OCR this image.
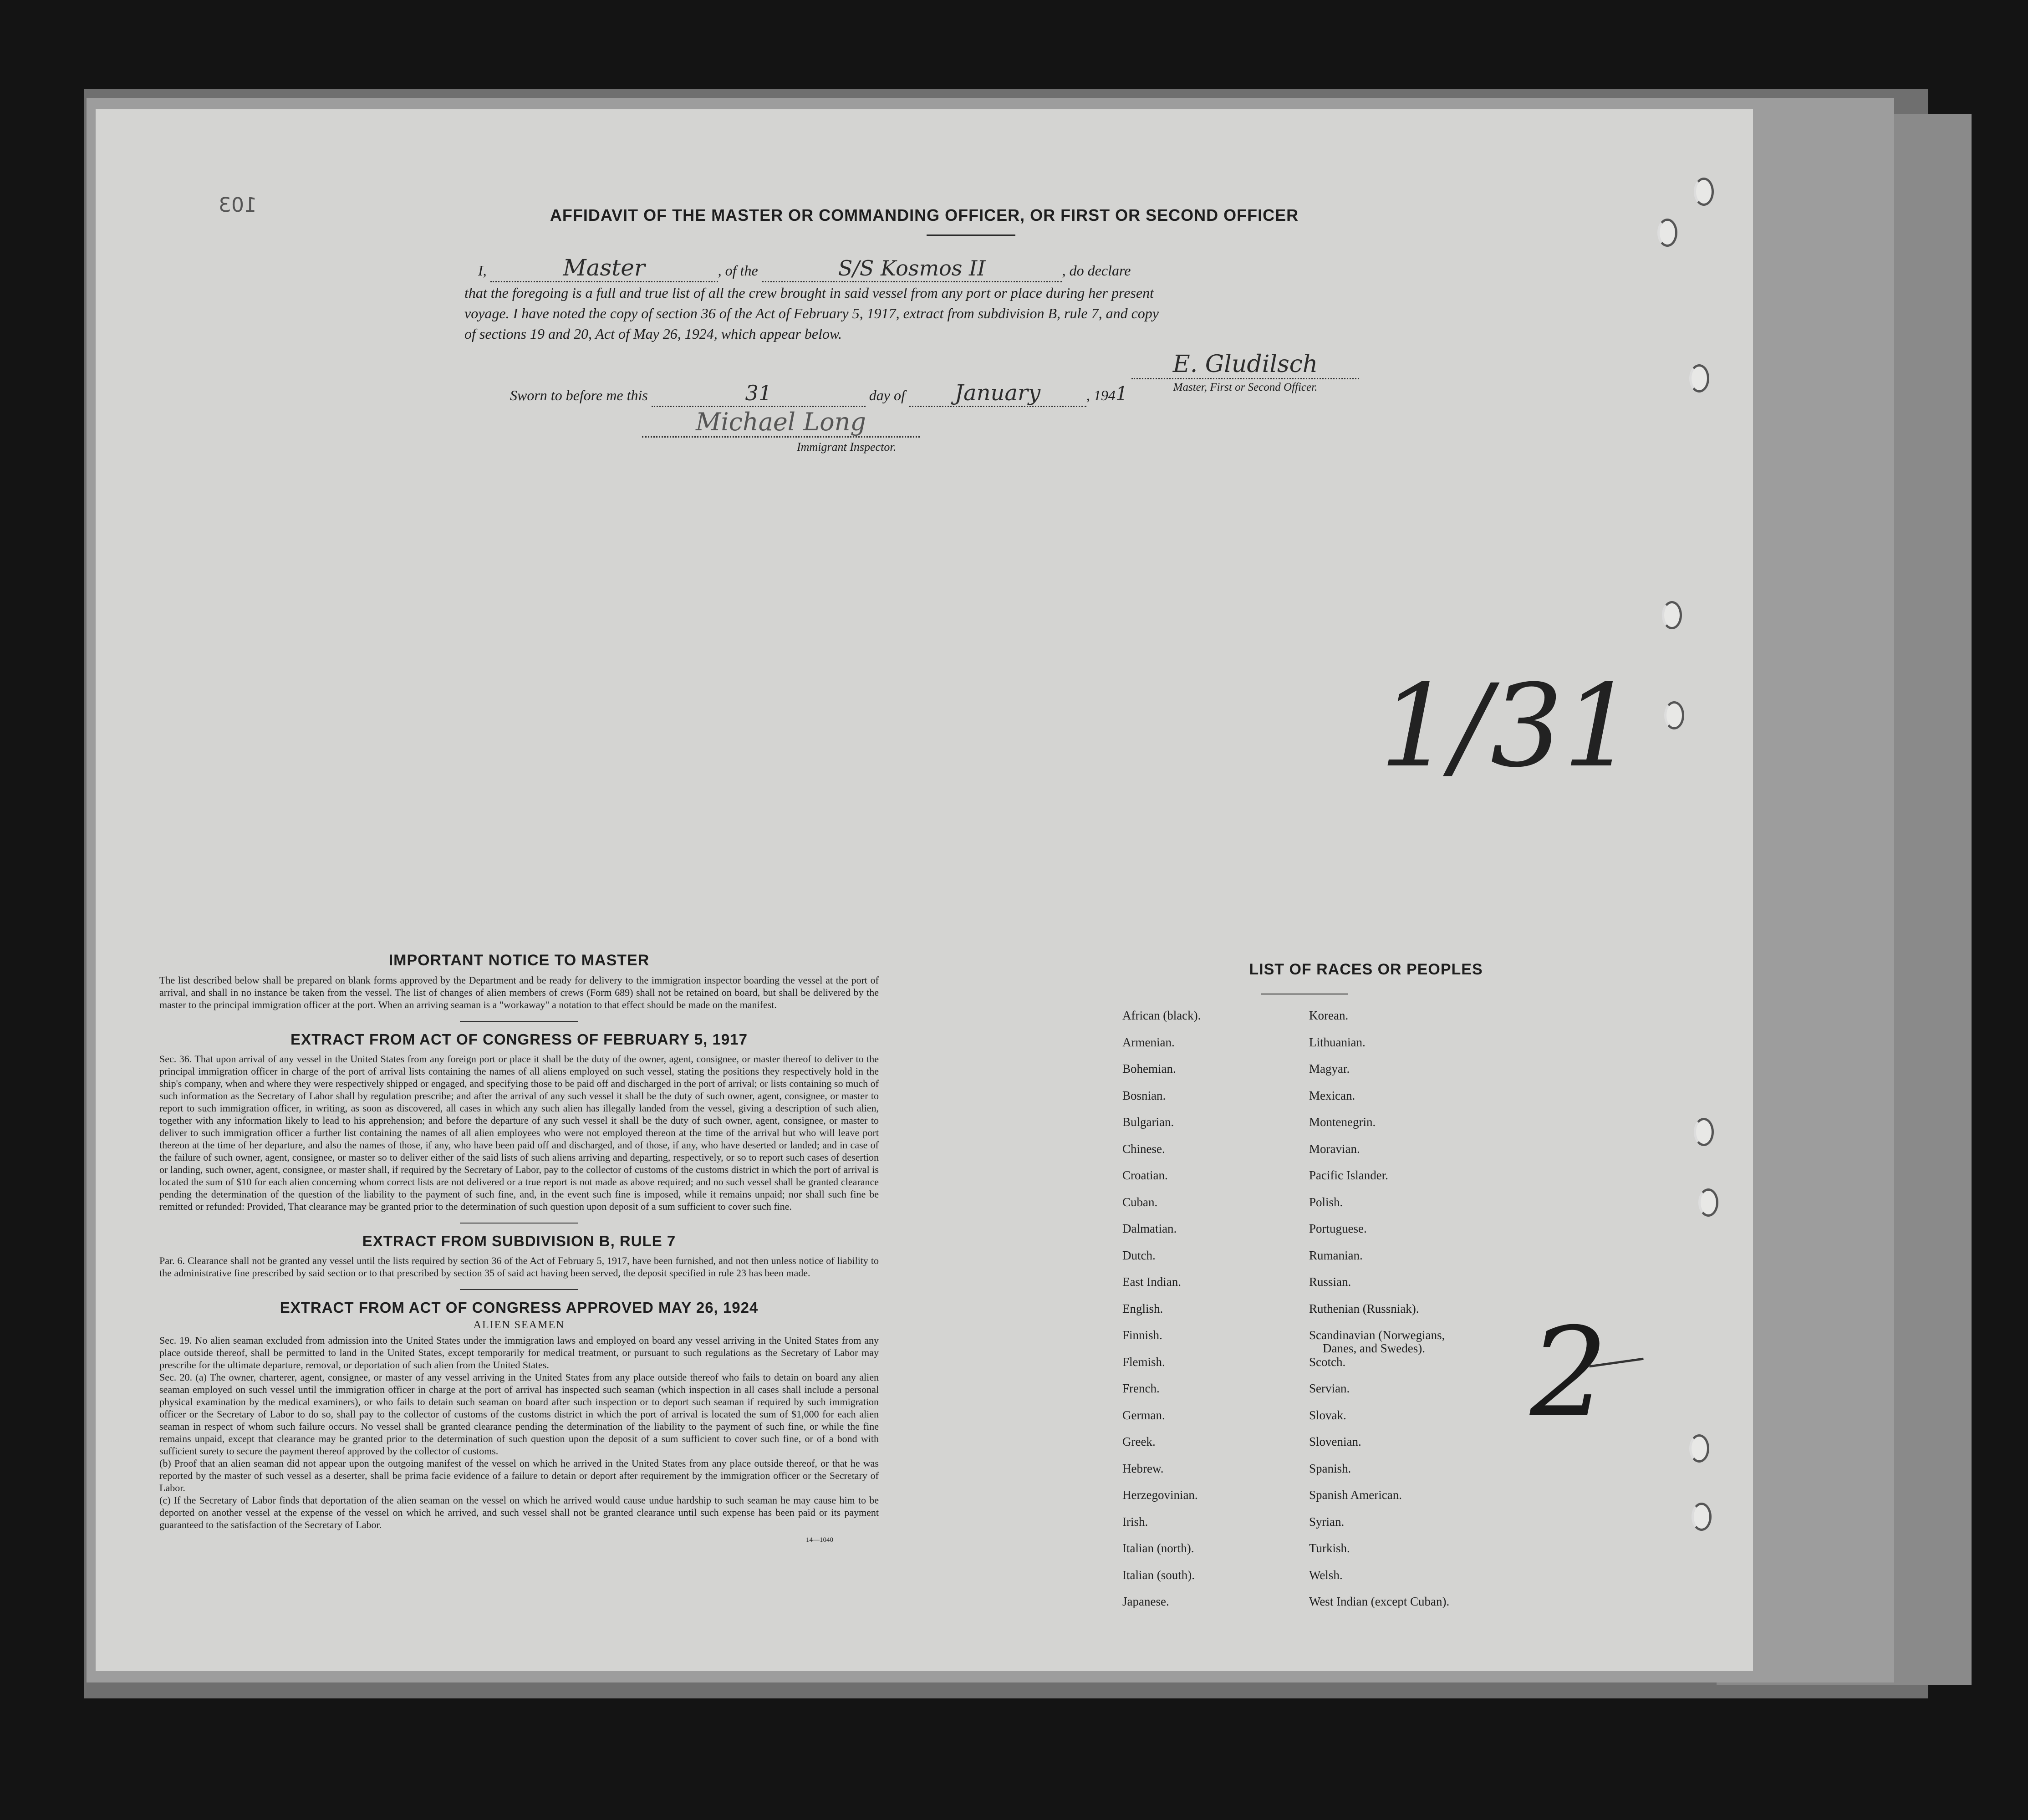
103	AFFIDAVIT OF THE MASTER OR COMMANDING OFFICER, OR FIRST OR SECOND OFFICER
I,	Master	, of the	S/S Kosmos II	, do declare
that the foregoing is a full and true list of all the crew brought in said vessel from any port or place during her present
voyage. I have noted the copy of section 36 of the Act of February 5, 1917, extract from subdivision B, rule 7, and copy
of sections 19 and 20, Act of May 26, 1924, which appear below.
E. Gludilsch
Master, First or Second Officer.
Sworn to before me this	31	day of January	, 1941
Michael Long
Immigrant Inspector.
1/31
2
IMPORTANT NOTICE TO MASTER
The list described below shall be prepared on blank forms approved by the Department and be ready for delivery to the immigration inspector boarding the vessel at the port of arrival, and shall in no instance be taken from the vessel. The list of changes of alien members of crews (Form 689) shall not be retained on board, but shall be delivered by the master to the principal immigration officer at the port. When an arriving seaman is a "workaway" a notation to that effect should be made on the manifest.
EXTRACT FROM ACT OF CONGRESS OF FEBRUARY 5, 1917
Sec. 36. That upon arrival of any vessel in the United States from any foreign port or place it shall be the duty of the owner, agent, consignee, or master thereof to deliver to the principal immigration officer in charge of the port of arrival lists containing the names of all aliens employed on such vessel, stating the positions they respectively hold in the ship's company, when and where they were respectively shipped or engaged, and specifying those to be paid off and discharged in the port of arrival; or lists containing so much of such information as the Secretary of Labor shall by regulation prescribe; and after the arrival of any such vessel it shall be the duty of such owner, agent, consignee, or master to report to such immigration officer, in writing, as soon as discovered, all cases in which any such alien has illegally landed from the vessel, giving a description of such alien, together with any information likely to lead to his apprehension; and before the departure of any such vessel it shall be the duty of such owner, agent, consignee, or master to deliver to such immigration officer a further list containing the names of all alien employees who were not employed thereon at the time of the arrival but who will leave port thereon at the time of her departure, and also the names of those, if any, who have been paid off and discharged, and of those, if any, who have deserted or landed; and in case of the failure of such owner, agent, consignee, or master so to deliver either of the said lists of such aliens arriving and departing, respectively, or so to report such cases of desertion or landing, such owner, agent, consignee, or master shall, if required by the Secretary of Labor, pay to the collector of customs of the customs district in which the port of arrival is located the sum of $10 for each alien concerning whom correct lists are not delivered or a true report is not made as above required; and no such vessel shall be granted clearance pending the determination of the question of the liability to the payment of such fine, and, in the event such fine is imposed, while it remains unpaid; nor shall such fine be remitted or refunded: Provided, That clearance may be granted prior to the determination of such question upon deposit of a sum sufficient to cover such fine.
EXTRACT FROM SUBDIVISION B, RULE 7
Par. 6. Clearance shall not be granted any vessel until the lists required by section 36 of the Act of February 5, 1917, have been furnished, and not then unless notice of liability to the administrative fine prescribed by said section or to that prescribed by section 35 of said act having been served, the deposit specified in rule 23 has been made.
EXTRACT FROM ACT OF CONGRESS APPROVED MAY 26, 1924
ALIEN SEAMEN
Sec. 19. No alien seaman excluded from admission into the United States under the immigration laws and employed on board any vessel arriving in the United States from any place outside thereof, shall be permitted to land in the United States, except temporarily for medical treatment, or pursuant to such regulations as the Secretary of Labor may prescribe for the ultimate departure, removal, or deportation of such alien from the United States.
Sec. 20. (a) The owner, charterer, agent, consignee, or master of any vessel arriving in the United States from any place outside thereof who fails to detain on board any alien seaman employed on such vessel until the immigration officer in charge at the port of arrival has inspected such seaman (which inspection in all cases shall include a personal physical examination by the medical examiners), or who fails to detain such seaman on board after such inspection or to deport such seaman if required by such immigration officer or the Secretary of Labor to do so, shall pay to the collector of customs of the customs district in which the port of arrival is located the sum of $1,000 for each alien seaman in respect of whom such failure occurs. No vessel shall be granted clearance pending the determination of the liability to the payment of such fine, or while the fine remains unpaid, except that clearance may be granted prior to the determination of such question upon the deposit of a sum sufficient to cover such fine, or of a bond with sufficient surety to secure the payment thereof approved by the collector of customs.
(b) Proof that an alien seaman did not appear upon the outgoing manifest of the vessel on which he arrived in the United States from any place outside thereof, or that he was reported by the master of such vessel as a deserter, shall be prima facie evidence of a failure to detain or deport after requirement by the immigration officer or the Secretary of Labor.
(c) If the Secretary of Labor finds that deportation of the alien seaman on the vessel on which he arrived would cause undue hardship to such seaman he may cause him to be deported on another vessel at the expense of the vessel on which he arrived, and such vessel shall not be granted clearance until such expense has been paid or its payment guaranteed to the satisfaction of the Secretary of Labor.
14—1040
LIST OF RACES OR PEOPLES
African (black).
Armenian.
Bohemian.
Bosnian.
Bulgarian.
Chinese.
Croatian.
Cuban.
Dalmatian.
Dutch.
East Indian.
English.
Finnish.
Flemish.
French.
German.
Greek.
Hebrew.
Herzegovinian.
Irish.
Italian (north).
Italian (south).
Japanese.
Korean.
Lithuanian.
Magyar.
Mexican.
Montenegrin.
Moravian.
Pacific Islander.
Polish.
Portuguese.
Rumanian.
Russian.
Ruthenian (Russniak).
Scandinavian (Norwegians,
Scotch.
Servian.
Slovak.
Slovenian.
Spanish.
Spanish American.
Syrian.
Turkish.
Welsh.
West Indian (except Cuban).
Danes, and Swedes).
